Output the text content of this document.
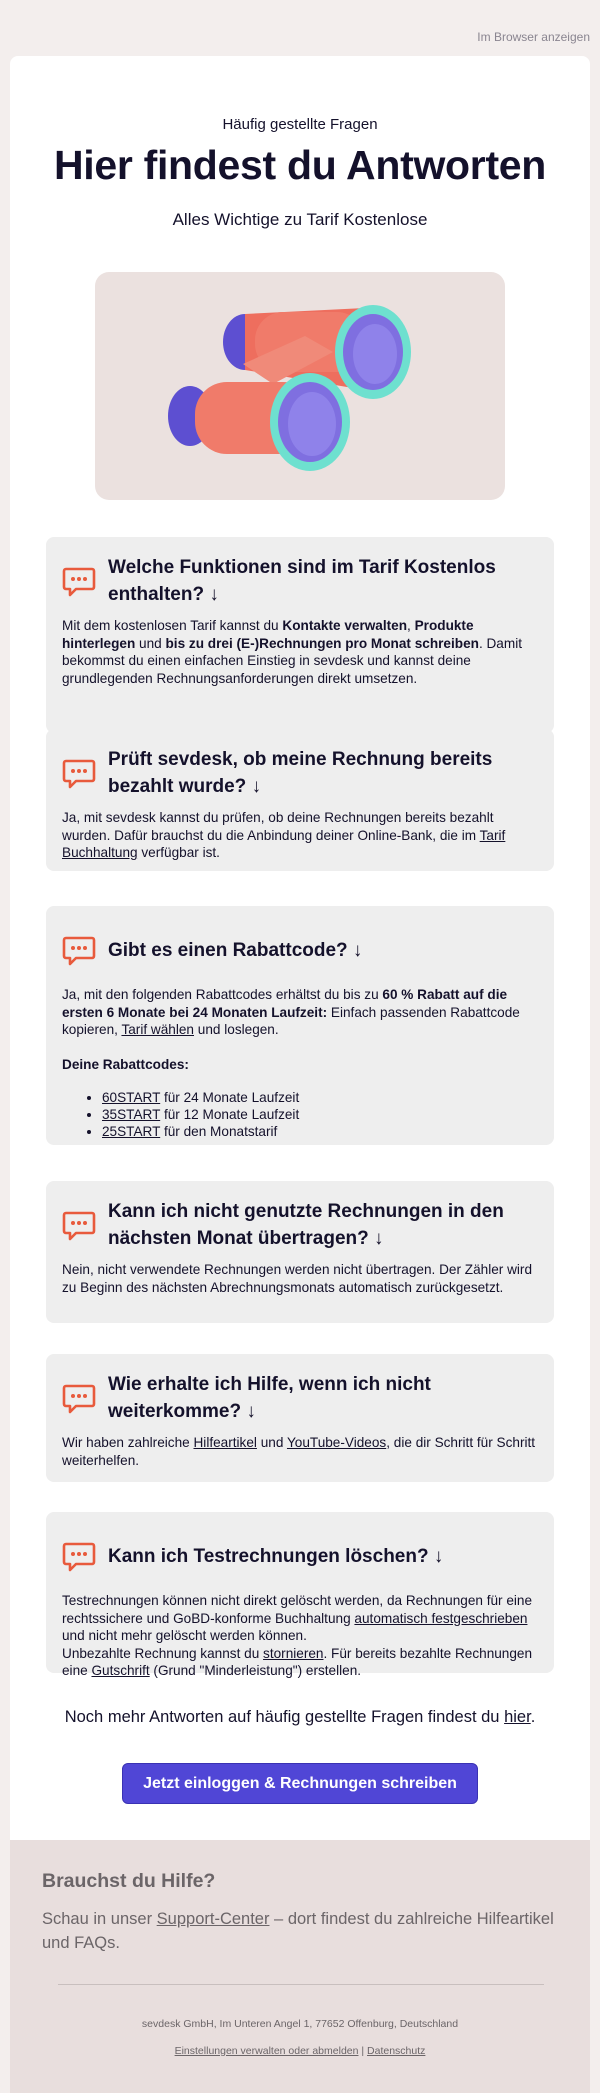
Im Browser anzeigen
Häufig gestellte Fragen
Hier findest du Antworten
Alles Wichtige zu Tarif Kostenlose
Welche Funktionen sind im Tarif Kostenlos enthalten? ↓
Mit dem kostenlosen Tarif kannst du Kontakte verwalten, Produkte hinterlegen und bis zu drei (E-)Rechnungen pro Monat schreiben. Damit bekommst du einen einfachen Einstieg in sevdesk und kannst deine grundlegenden Rechnungsanforderungen direkt umsetzen.
Prüft sevdesk, ob meine Rechnung bereits bezahlt wurde? ↓
Ja, mit sevdesk kannst du prüfen, ob deine Rechnungen bereits bezahlt wurden. Dafür brauchst du die Anbindung deiner Online-Bank, die im Tarif Buchhaltung verfügbar ist.
Gibt es einen Rabattcode? ↓
Ja, mit den folgenden Rabattcodes erhältst du bis zu 60 % Rabatt auf die ersten 6 Monate bei 24 Monaten Laufzeit: Einfach passenden Rabattcode kopieren, Tarif wählen und loslegen.
Deine Rabattcodes:
• 60START für 24 Monate Laufzeit
• 35START für 12 Monate Laufzeit
• 25START für den Monatstarif
Kann ich nicht genutzte Rechnungen in den nächsten Monat übertragen? ↓
Nein, nicht verwendete Rechnungen werden nicht übertragen. Der Zähler wird zu Beginn des nächsten Abrechnungsmonats automatisch zurückgesetzt.
Wie erhalte ich Hilfe, wenn ich nicht weiterkomme? ↓
Wir haben zahlreiche Hilfeartikel und YouTube-Videos, die dir Schritt für Schritt weiterhelfen.
Kann ich Testrechnungen löschen? ↓
Testrechnungen können nicht direkt gelöscht werden, da Rechnungen für eine rechtssichere und GoBD-konforme Buchhaltung automatisch festgeschrieben und nicht mehr gelöscht werden können.
Unbezahlte Rechnung kannst du stornieren. Für bereits bezahlte Rechnungen eine Gutschrift (Grund "Minderleistung") erstellen.
Noch mehr Antworten auf häufig gestellte Fragen findest du hier.
Jetzt einloggen & Rechnungen schreiben
Brauchst du Hilfe?
Schau in unser Support-Center – dort findest du zahlreiche Hilfeartikel und FAQs.
sevdesk GmbH, Im Unteren Angel 1, 77652 Offenburg, Deutschland
Einstellungen verwalten oder abmelden | Datenschutz
